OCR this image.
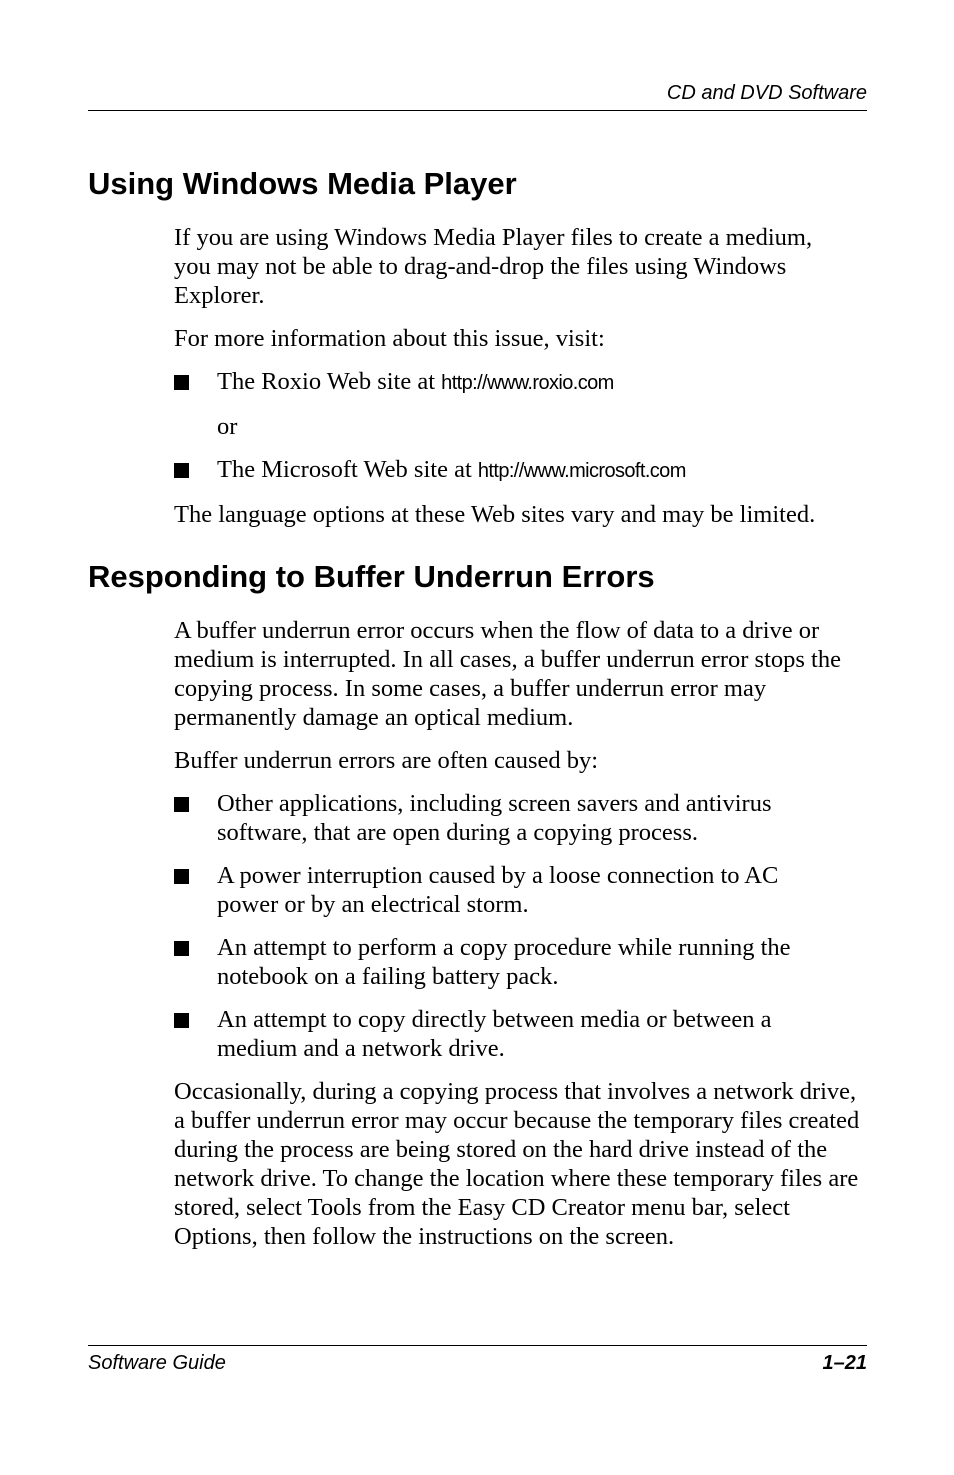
CD and DVD Software
Using Windows Media Player

If you are using Windows Media Player files to create a medium, you may not be able to drag-and-drop the files using Windows Explorer.

For more information about this issue, visit:

The Roxio Web site at http://www.roxio.com

or

The Microsoft Web site at http://www.microsoft.com

The language options at these Web sites vary and may be limited.

Responding to Buffer Underrun Errors

A buffer underrun error occurs when the flow of data to a drive or medium is interrupted. In all cases, a buffer underrun error stops the copying process. In some cases, a buffer underrun error may permanently damage an optical medium.

Buffer underrun errors are often caused by:

Other applications, including screen savers and antivirus software, that are open during a copying process.

A power interruption caused by a loose connection to AC power or by an electrical storm.

An attempt to perform a copy procedure while running the notebook on a failing battery pack.

An attempt to copy directly between media or between a medium and a network drive.

Occasionally, during a copying process that involves a network drive, a buffer underrun error may occur because the temporary files created during the process are being stored on the hard drive instead of the network drive. To change the location where these temporary files are stored, select Tools from the Easy CD Creator menu bar, select Options, then follow the instructions on the screen.

Software Guide	1–21
